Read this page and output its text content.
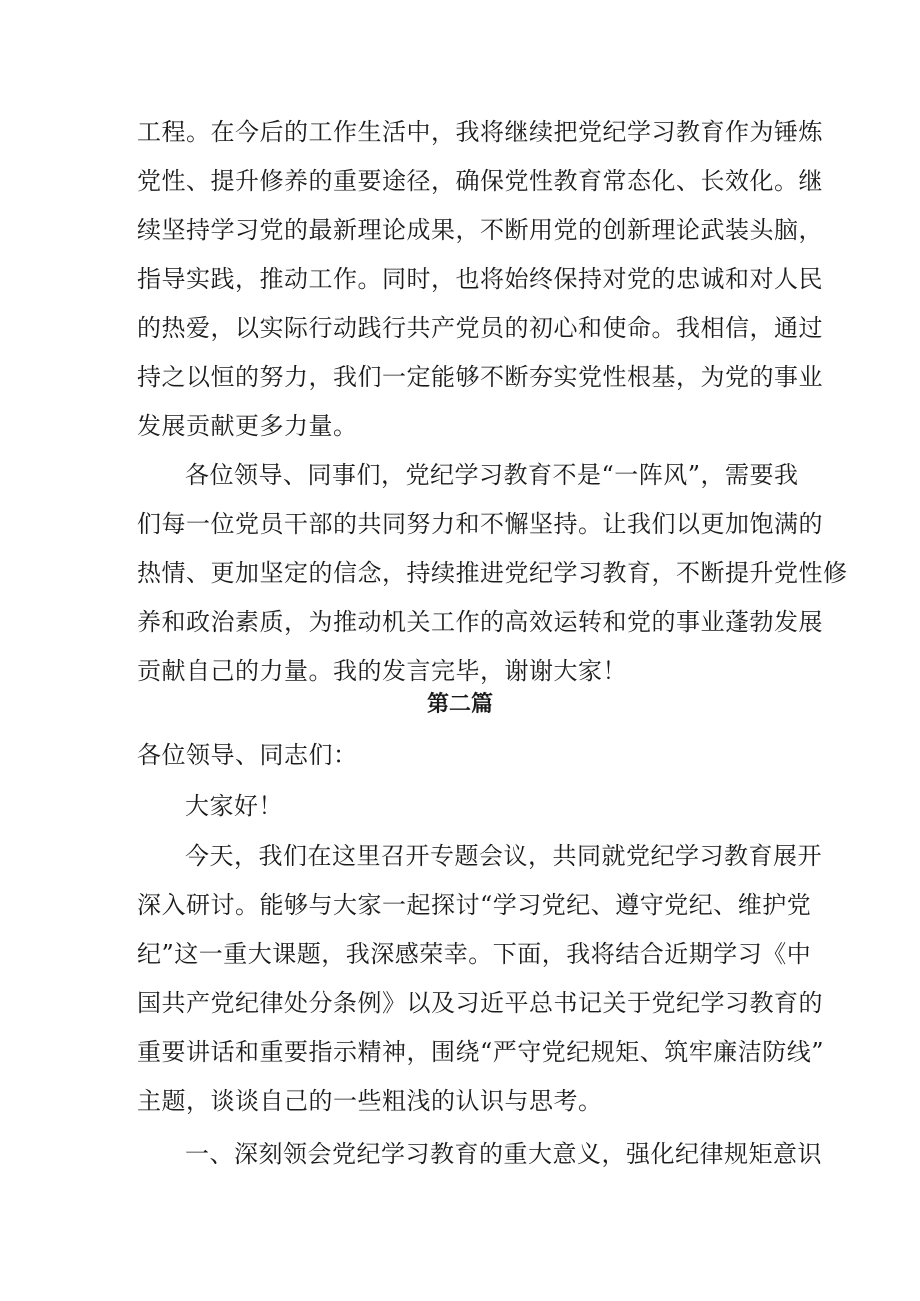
工程。在今后的工作生活中，我将继续把党纪学习教育作为锤炼
党性、提升修养的重要途径，确保党性教育常态化、长效化。继
续坚持学习党的最新理论成果，不断用党的创新理论武装头脑，
指导实践，推动工作。同时，也将始终保持对党的忠诚和对人民
的热爱，以实际行动践行共产党员的初心和使命。我相信，通过
持之以恒的努力，我们一定能够不断夯实党性根基，为党的事业
发展贡献更多力量。
各位领导、同事们，党纪学习教育不是“一阵风”，需要我
们每一位党员干部的共同努力和不懈坚持。让我们以更加饱满的
热情、更加坚定的信念，持续推进党纪学习教育，不断提升党性修
养和政治素质，为推动机关工作的高效运转和党的事业蓬勃发展
贡献自己的力量。我的发言完毕，谢谢大家！
第二篇
各位领导、同志们：
大家好！
今天，我们在这里召开专题会议，共同就党纪学习教育展开
深入研讨。能够与大家一起探讨“学习党纪、遵守党纪、维护党
纪”这一重大课题，我深感荣幸。下面，我将结合近期学习《中
国共产党纪律处分条例》以及习近平总书记关于党纪学习教育的
重要讲话和重要指示精神，围绕“严守党纪规矩、筑牢廉洁防线”
主题，谈谈自己的一些粗浅的认识与思考。
一、深刻领会党纪学习教育的重大意义，强化纪律规矩意识
